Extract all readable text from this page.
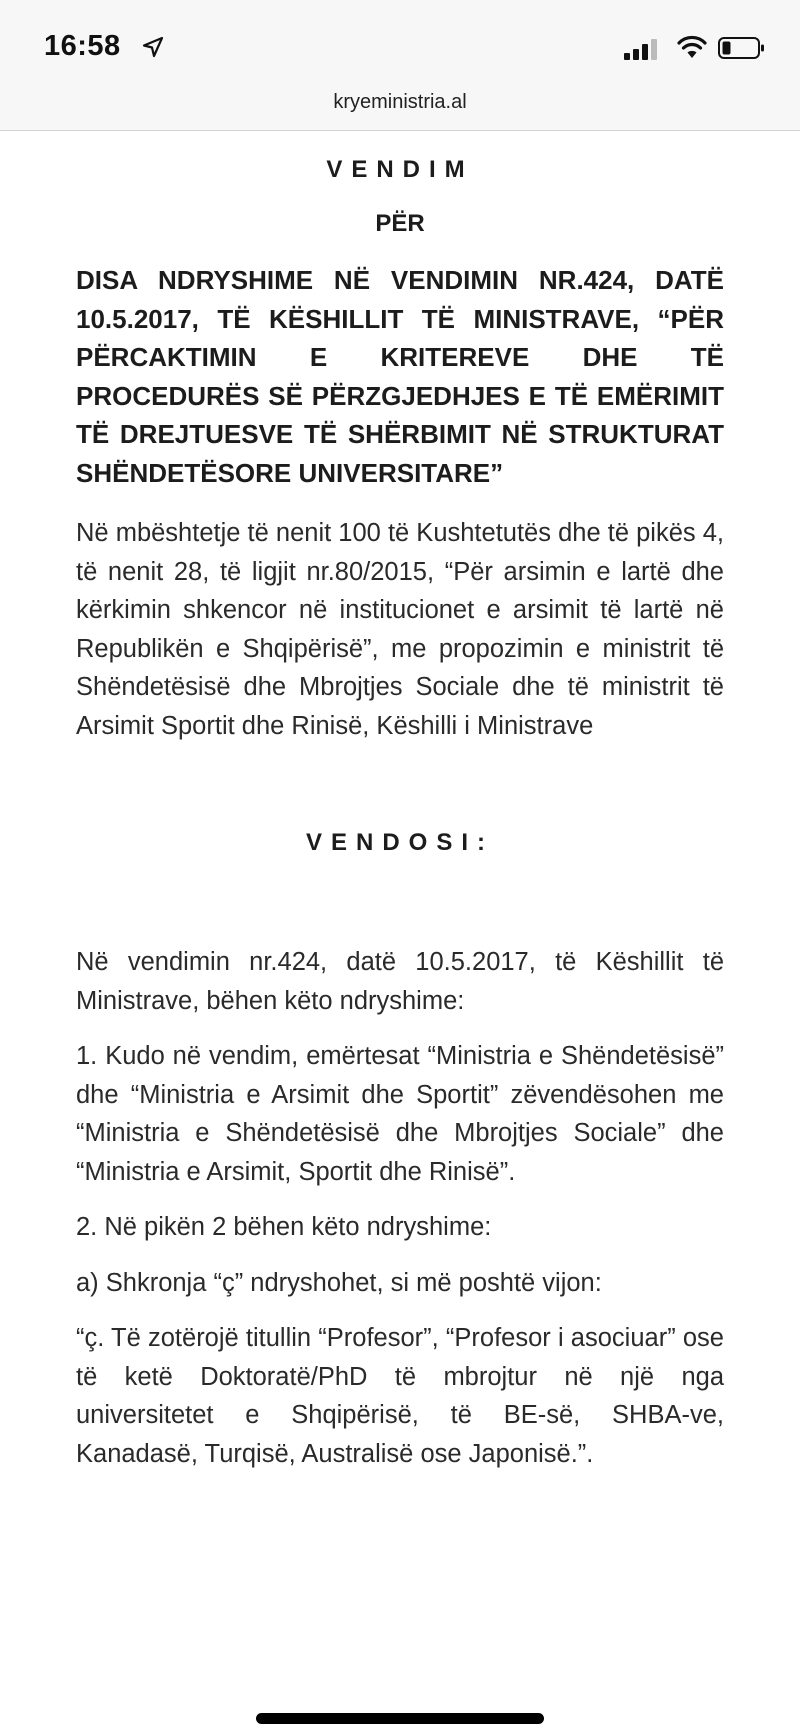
16:58
kryeministria.al
VENDIM
PËR
DISA NDRYSHIME NË VENDIMIN NR.424, DATË 10.5.2017, TË KËSHILLIT TË MINISTRAVE, “PËR PËRCAKTIMIN E KRITEREVE DHE TË PROCEDURËS SË PËRZGJEDHJES E TË EMËRIMIT TË DREJTUESVE TË SHËRBIMIT NË STRUKTURAT SHËNDETËSORE UNIVERSITARE”
Në mbështetje të nenit 100 të Kushtetutës dhe të pikës 4, të nenit 28, të ligjit nr.80/2015, “Për arsimin e lartë dhe kërkimin shkencor në institucionet e arsimit të lartë në Republikën e Shqipërisë”, me propozimin e ministrit të Shëndetësisë dhe Mbrojtjes Sociale dhe të ministrit të Arsimit Sportit dhe Rinisë, Këshilli i Ministrave
VENDOSI:
Në vendimin nr.424, datë 10.5.2017, të Këshillit të Ministrave, bëhen këto ndryshime:
1. Kudo në vendim, emërtesat “Ministria e Shëndetësisë” dhe “Ministria e Arsimit dhe Sportit” zëvendësohen me “Ministria e Shëndetësisë dhe Mbrojtjes Sociale” dhe “Ministria e Arsimit, Sportit dhe Rinisë”.
2. Në pikën 2 bëhen këto ndryshime:
a) Shkronja “ç” ndryshohet, si më poshtë vijon:
“ç. Të zotërojë titullin “Profesor”, “Profesor i asociuar” ose të ketë Doktoratë/PhD të mbrojtur në një nga universitetet e Shqipërisë, të BE-së, SHBA-ve, Kanadasë, Turqisë, Australisë ose Japonisë.”.
